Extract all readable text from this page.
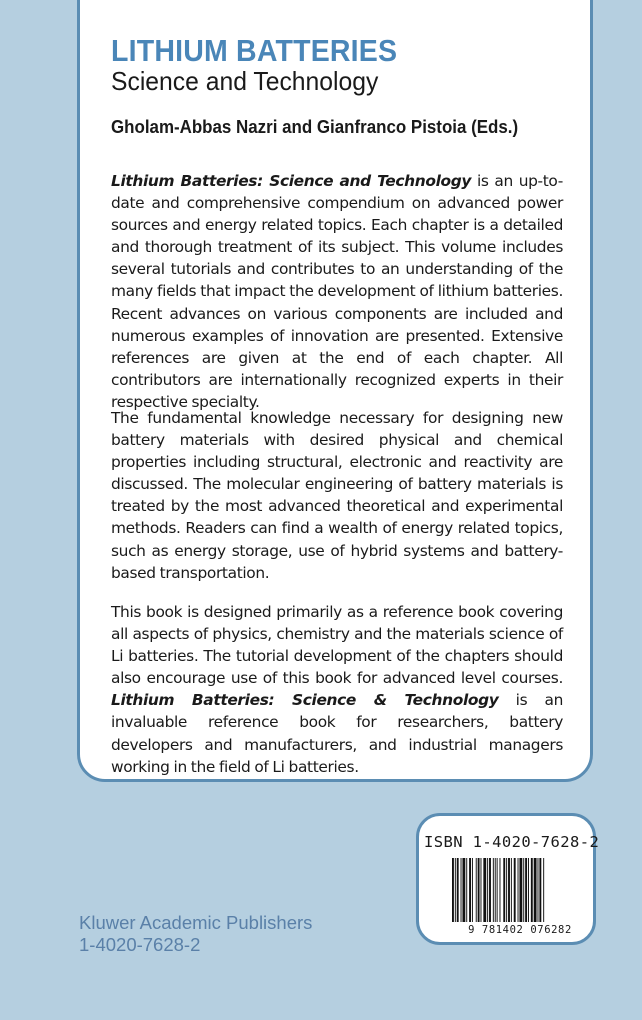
LITHIUM BATTERIES
Science and Technology
Gholam-Abbas Nazri and Gianfranco Pistoia (Eds.)

Lithium Batteries: Science and Technology is an up-to-date and comprehensive compendium on advanced power sources and energy related topics. Each chapter is a detailed and thorough treatment of its subject. This volume includes several tutorials and contributes to an understanding of the many fields that impact the development of lithium batteries. Recent advances on various components are included and numerous examples of innovation are presented. Extensive references are given at the end of each chapter. All contributors are internationally recognized experts in their respective specialty.

The fundamental knowledge necessary for designing new battery materials with desired physical and chemical properties including structural, electronic and reactivity are discussed. The molecular engineering of battery materials is treated by the most advanced theoretical and experimental methods. Readers can find a wealth of energy related topics, such as energy storage, use of hybrid systems and battery-based transportation.

This book is designed primarily as a reference book covering all aspects of physics, chemistry and the materials science of Li batteries. The tutorial development of the chapters should also encourage use of this book for advanced level courses. Lithium Batteries: Science & Technology is an invaluable reference book for researchers, battery developers and manufacturers, and industrial managers working in the field of Li batteries.

ISBN 1-4020-7628-2
9 781402 076282
Kluwer Academic Publishers
1-4020-7628-2
